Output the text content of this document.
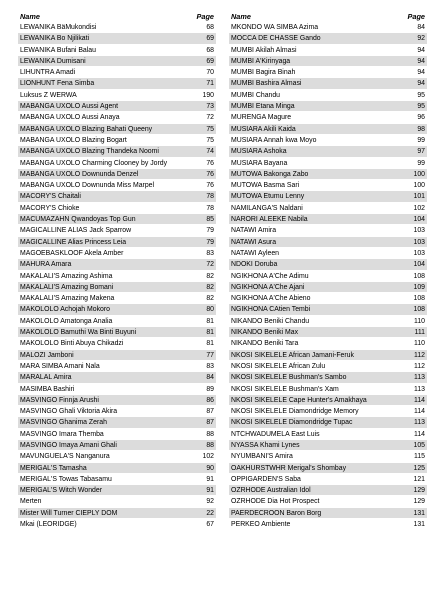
Name	Page
LEWANIKA BäMukondisi	68
LEWANIKA Bo Njilikati	69
LEWANIKA Bufani Balau	68
LEWANIKA Dumisani	69
LIHUNTRA Amadi	70
LIONHUNT Fena Simba	71
Luksus Z WERWA	190
MABANGA UXOLO Aussi Agent	73
MABANGA UXOLO Aussi Anaya	72
MABANGA UXOLO Blazing Bahati Queeny	75
MABANGA UXOLO Blazing Bogart	75
MABANGA UXOLO Blazing Thandeka Noomi	74
MABANGA UXOLO Charming Clooney by Jordy	76
MABANGA UXOLO Downunda Denzel	76
MABANGA UXOLO Downunda Miss Marpel	76
MACORY'S Chaitali	78
MACORY'S Chioke	78
MACUMAZAHN Qwandoyas Top Gun	85
MAGICALLINE ALIAS Jack Sparrow	79
MAGICALLINE Alias Princess Leia	79
MAGOEBASKLOOF Akela Amber	83
MAHURA Amara	72
MAKALALI'S Amazing Ashima	82
MAKALALI'S Amazing Bomani	82
MAKALALI'S Amazing Makena	82
MAKOLOLO Achojah Mokoro	80
MAKOLOLO Amatonga Analia	81
MAKOLOLO Bamuthi Wa Binti Buyuni	81
MAKOLOLO Binti Abuya Chikadzi	81
MALOZI Jamboni	77
MARA SIMBA Amani Nala	83
MARALAL Amira	84
MASIMBA Bashiri	89
MASVINGO Finnja Arushi	86
MASVINGO Ghali Viktoria Akira	87
MASVINGO Ghanima Zerah	87
MASVINGO Imara Themba	88
MASVINGO Imaya Amani Ghali	88
MAVUNGUELA'S Nanganura	102
MERIGAL'S Tamasha	90
MERIGAL'S Towas Tabasamu	91
MERIGAL'S Witch Wonder	91
Merten	92
Mister Will Turner CIEPLY DOM	22
Mkai (LEORIDGE)	67
Name	Page
MKONDO WA SIMBA Azima	84
MOCCA DE CHASSE Gando	92
MUMBI Akilah Almasi	94
MUMBI A'Kirinyaga	94
MUMBI Bagira Binah	94
MUMBI Bashira Almasi	94
MUMBI Chandu	95
MUMBI Etana Minga	95
MURENGA Magure	96
MUSIARA Akili Kaida	98
MUSIARA Annah kwa Moyo	99
MUSIARA Ashoka	97
MUSIARA Bayana	99
MUTOWA Bakonga Zabo	100
MUTOWA Basma Sari	100
MUTOWA Etumu Lenny	101
NAMILANGA'S Naldani	102
NARORI ALEEKE Nabila	104
NATAWI Amira	103
NATAWI Asura	103
NATAWI Ayleen	103
NDOKI Doruba	104
NGIKHONA A'Che Adimu	108
NGIKHONA A'Che Ajani	109
NGIKHONA A'Che Abieno	108
NGIKHONA CAtien Tembi	108
NIKANDO Beniki Chandu	110
NIKANDO Beniki Max	111
NIKANDO Beniki Tara	110
NKOSI SIKELELE African Jamani-Feruk	112
NKOSI SIKELELE African Zulu	112
NKOSI SIKELELE Bushman's Sambo	113
NKOSI SIKELELE Bushman's Xam	113
NKOSI SIKELELE Cape Hunter's Amakhaya	114
NKOSI SIKELELE Diamondridge Memory	114
NKOSI SIKELELE Diamondridge Tupac	113
NTCHWADUMELA East Luis	114
NYASSA Khami Lynes	105
NYUMBANI'S Amira	115
OAKHURSTWHR Merigal's Shombay	125
OPPIGARDEN'S Saba	121
OZRHODE Australian Idol	129
OZRHODE Dia Hot Prospect	129
PAERDECROON Baron Borg	131
PERKEO Ambiente	131
